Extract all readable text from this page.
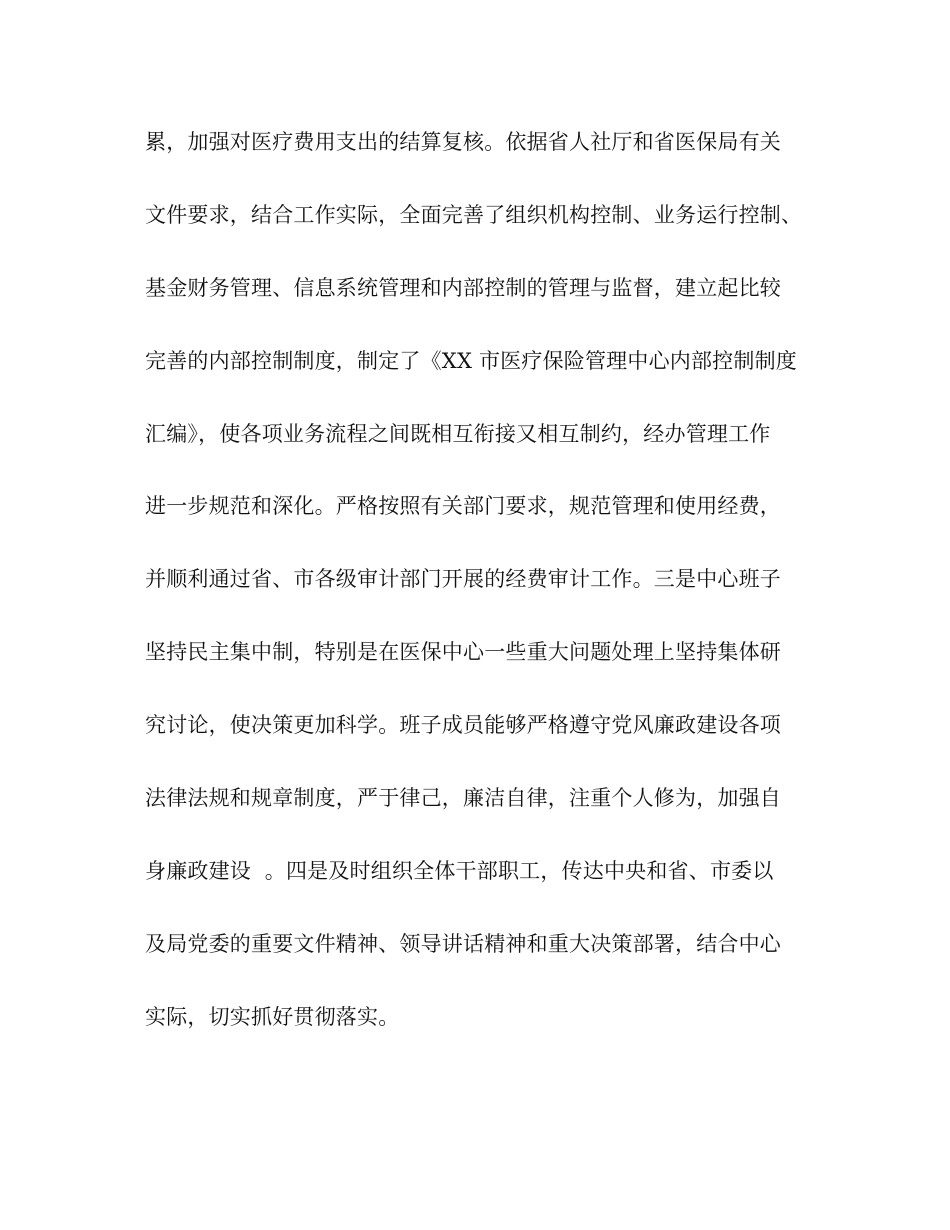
累，加强对医疗费用支出的结算复核。依据省人社厅和省医保局有关
文件要求，结合工作实际，全面完善了组织机构控制、业务运行控制、
基金财务管理、信息系统管理和内部控制的管理与监督，建立起比较
完善的内部控制制度，制定了《XX 市医疗保险管理中心内部控制制度
汇编》，使各项业务流程之间既相互衔接又相互制约，经办管理工作
进一步规范和深化。严格按照有关部门要求，规范管理和使用经费，
并顺利通过省、市各级审计部门开展的经费审计工作。三是中心班子
坚持民主集中制，特别是在医保中心一些重大问题处理上坚持集体研
究讨论，使决策更加科学。班子成员能够严格遵守党风廉政建设各项
法律法规和规章制度，严于律己，廉洁自律，注重个人修为，加强自
身廉政建设  。四是及时组织全体干部职工，传达中央和省、市委以
及局党委的重要文件精神、领导讲话精神和重大决策部署，结合中心
实际，切实抓好贯彻落实。
